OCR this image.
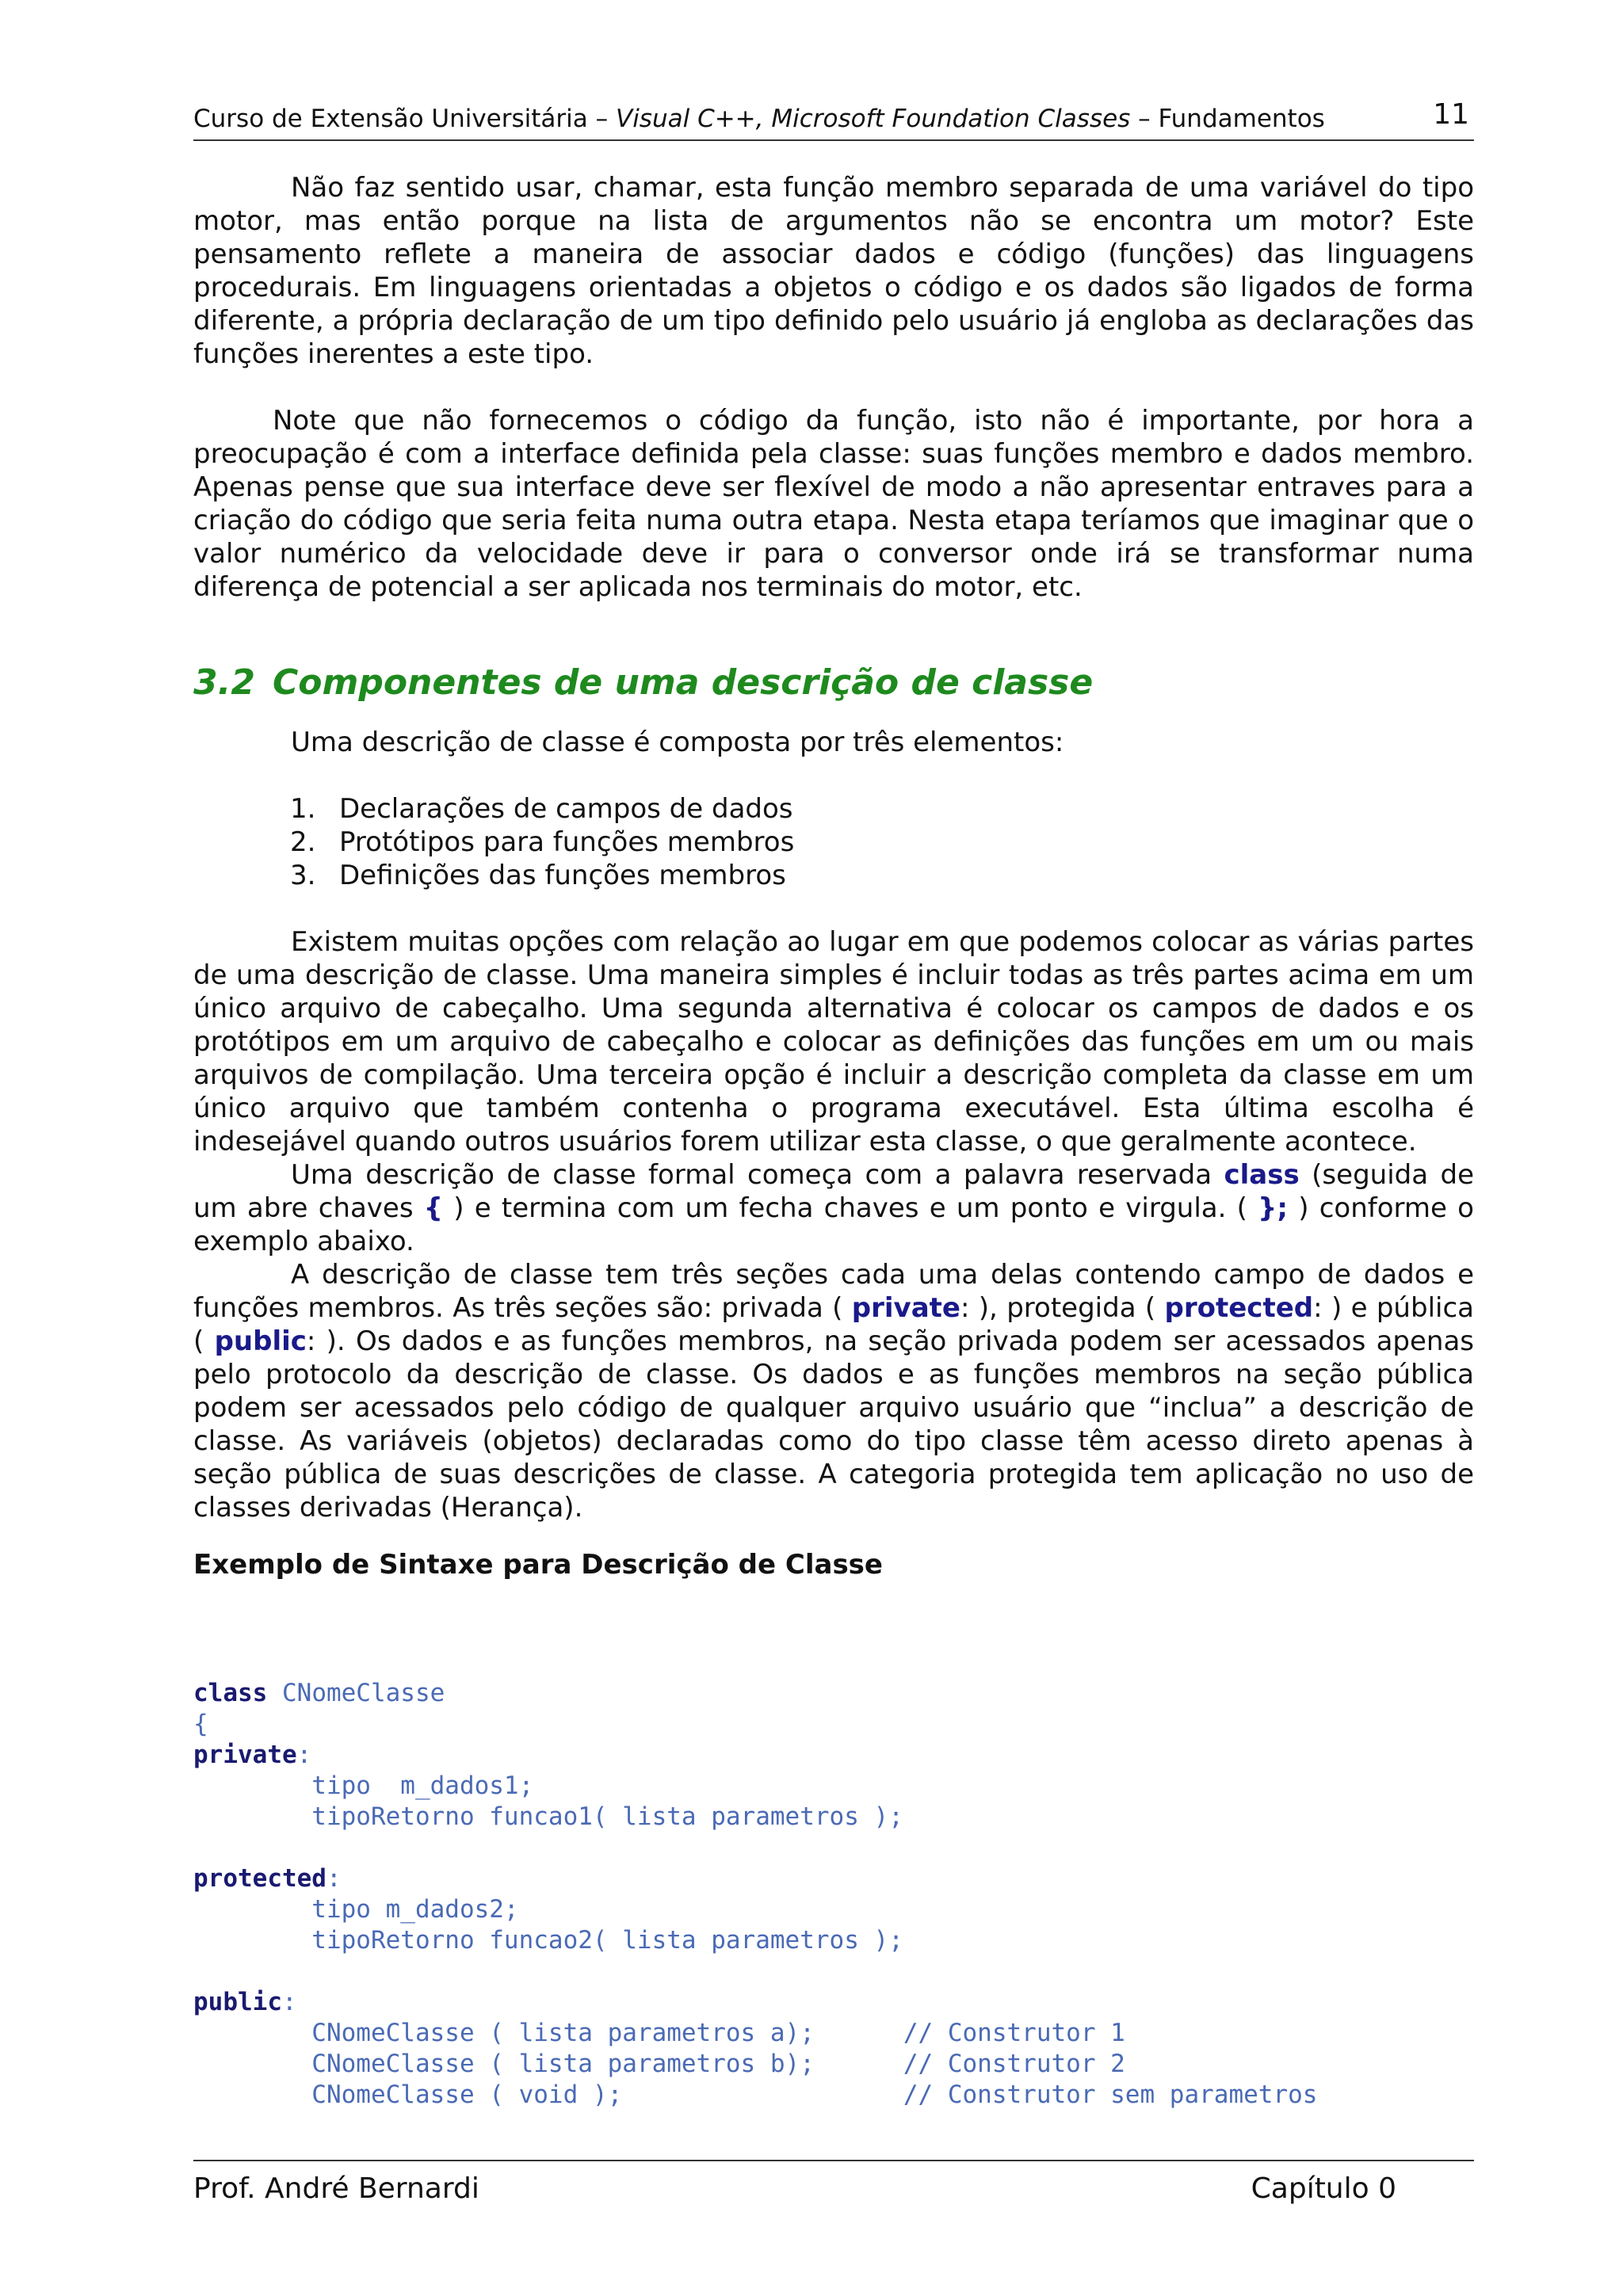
Curso de Extensão Universitária – Visual C++, Microsoft Foundation Classes – Fundamentos	11

Não faz sentido usar, chamar, esta função membro separada de uma variável do tipo motor, mas então porque na lista de argumentos não se encontra um motor? Este pensamento reflete a maneira de associar dados e código (funções) das linguagens procedurais. Em linguagens orientadas a objetos o código e os dados são ligados de forma diferente, a própria declaração de um tipo definido pelo usuário já engloba as declarações das funções inerentes a este tipo.

Note que não fornecemos o código da função, isto não é importante, por hora a preocupação é com a interface definida pela classe: suas funções membro e dados membro. Apenas pense que sua interface deve ser flexível de modo a não apresentar entraves para a criação do código que seria feita numa outra etapa. Nesta etapa teríamos que imaginar que o valor numérico da velocidade deve ir para o conversor onde irá se transformar numa diferença de potencial a ser aplicada nos terminais do motor, etc.

3.2 Componentes de uma descrição de classe

Uma descrição de classe é composta por três elementos:

1. Declarações de campos de dados
2. Protótipos para funções membros
3. Definições das funções membros

Existem muitas opções com relação ao lugar em que podemos colocar as várias partes de uma descrição de classe. Uma maneira simples é incluir todas as três partes acima em um único arquivo de cabeçalho. Uma segunda alternativa é colocar os campos de dados e os protótipos em um arquivo de cabeçalho e colocar as definições das funções em um ou mais arquivos de compilação. Uma terceira opção é incluir a descrição completa da classe em um único arquivo que também contenha o programa executável. Esta última escolha é indesejável quando outros usuários forem utilizar esta classe, o que geralmente acontece.

Uma descrição de classe formal começa com a palavra reservada class (seguida de um abre chaves { ) e termina com um fecha chaves e um ponto e virgula. ( }; ) conforme o exemplo abaixo.

A descrição de classe tem três seções cada uma delas contendo campo de dados e funções membros. As três seções são: privada ( private: ), protegida ( protected: ) e pública ( public: ). Os dados e as funções membros, na seção privada podem ser acessados apenas pelo protocolo da descrição de classe. Os dados e as funções membros na seção pública podem ser acessados pelo código de qualquer arquivo usuário que “inclua” a descrição de classe. As variáveis (objetos) declaradas como do tipo classe têm acesso direto apenas à seção pública de suas descrições de classe. A categoria protegida tem aplicação no uso de classes derivadas (Herança).

Exemplo de Sintaxe para Descrição de Classe

class CNomeClasse
{
private:
tipo  m_dados1;
tipoRetorno funcao1( lista parametros );

protected:
tipo m_dados2;
tipoRetorno funcao2( lista parametros );

public:
CNomeClasse ( lista parametros a);      // Construtor 1
CNomeClasse ( lista parametros b);      // Construtor 2
CNomeClasse ( void );                   // Construtor sem parametros
Prof. André Bernardi	Capítulo 0
